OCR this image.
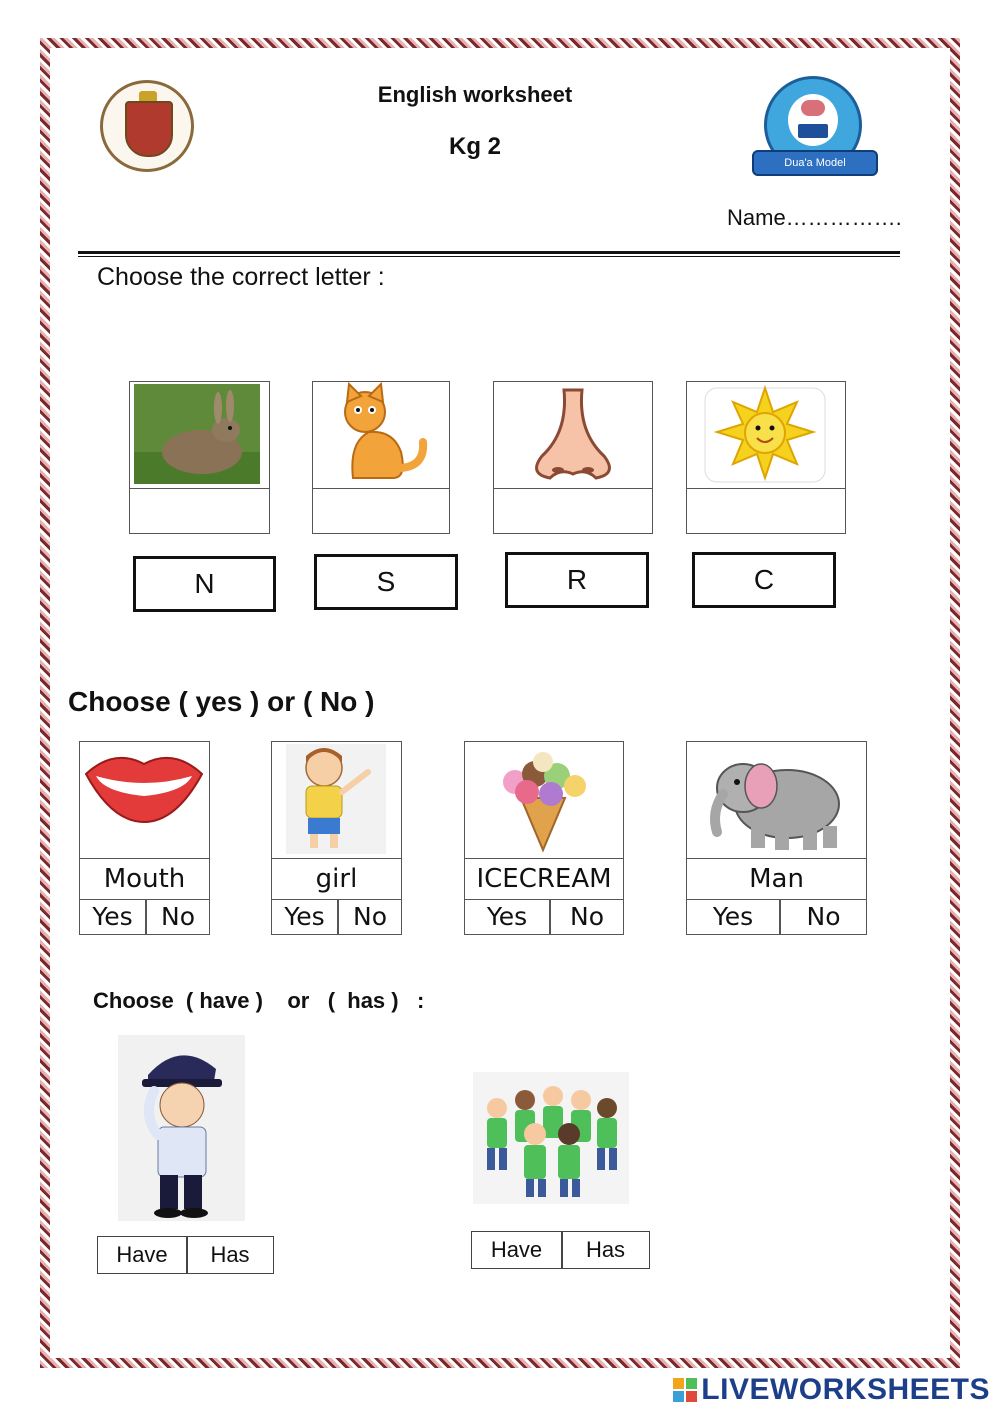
English worksheet
Kg 2
Dua'a Model Kindergarten
Name…………….
Choose the correct letter :
N	S	R	C
Choose ( yes ) or ( No )
Mouth
Yes	No
girl
Yes	No
ICECREAM
Yes	No
Man
Yes	No
Choose  ( have )    or   (  has )   :
Have	Has	Have	Has
LIVEWORKSHEETS
